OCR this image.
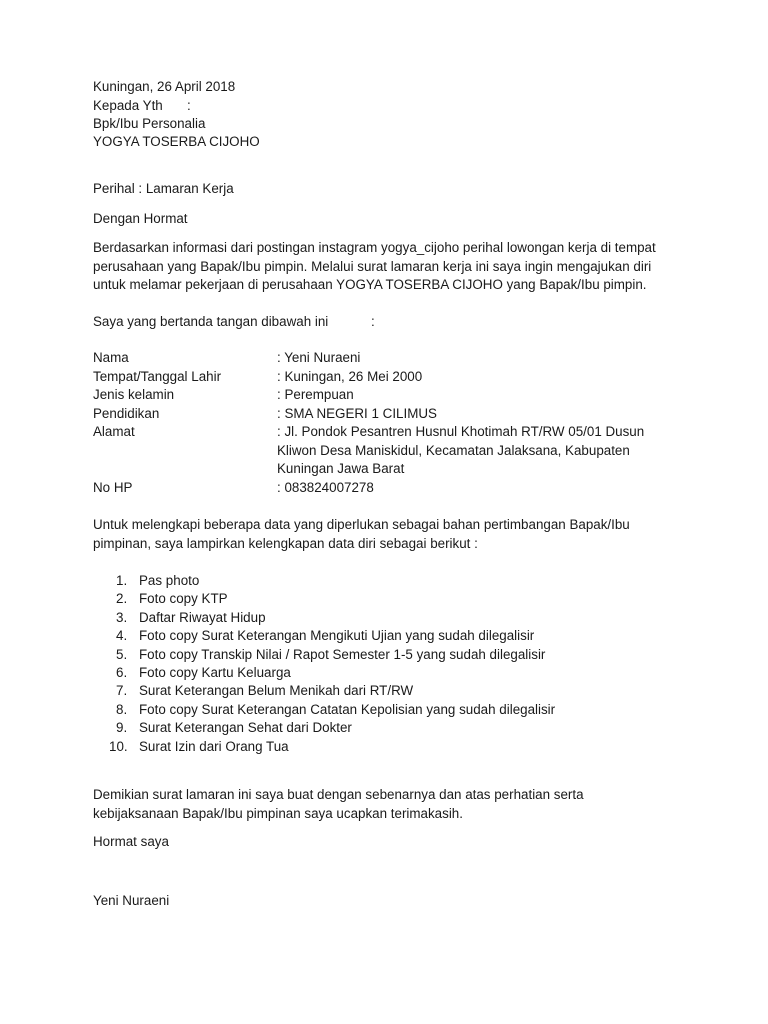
Kuningan, 26 April 2018
Kepada Yth :
Bpk/Ibu Personalia
YOGYA TOSERBA CIJOHO
Perihal : Lamaran Kerja
Dengan Hormat
Berdasarkan informasi dari postingan instagram yogya_cijoho perihal lowongan kerja di tempat perusahaan yang Bapak/Ibu pimpin. Melalui surat lamaran kerja ini saya ingin mengajukan diri untuk melamar pekerjaan di perusahaan YOGYA TOSERBA CIJOHO yang Bapak/Ibu pimpin.
Saya yang bertanda tangan dibawah ini	:
Nama	: Yeni Nuraeni
Tempat/Tanggal Lahir	: Kuningan, 26 Mei 2000
Jenis kelamin	: Perempuan
Pendidikan	: SMA NEGERI 1 CILIMUS
Alamat	: Jl. Pondok Pesantren Husnul Khotimah RT/RW 05/01 Dusun Kliwon Desa Maniskidul, Kecamatan Jalaksana, Kabupaten Kuningan Jawa Barat
No HP	: 083824007278
Untuk melengkapi beberapa data yang diperlukan sebagai bahan pertimbangan Bapak/Ibu pimpinan, saya lampirkan kelengkapan data diri sebagai berikut :
1. Pas photo
2. Foto copy KTP
3. Daftar Riwayat Hidup
4. Foto copy Surat Keterangan Mengikuti Ujian yang sudah dilegalisir
5. Foto copy Transkip Nilai / Rapot Semester 1-5 yang sudah dilegalisir
6. Foto copy Kartu Keluarga
7. Surat Keterangan Belum Menikah dari RT/RW
8. Foto copy Surat Keterangan Catatan Kepolisian yang sudah dilegalisir
9. Surat Keterangan Sehat dari Dokter
10. Surat Izin dari Orang Tua
Demikian surat lamaran ini saya buat dengan sebenarnya dan atas perhatian serta kebijaksanaan Bapak/Ibu pimpinan saya ucapkan terimakasih.
Hormat saya
Yeni Nuraeni
